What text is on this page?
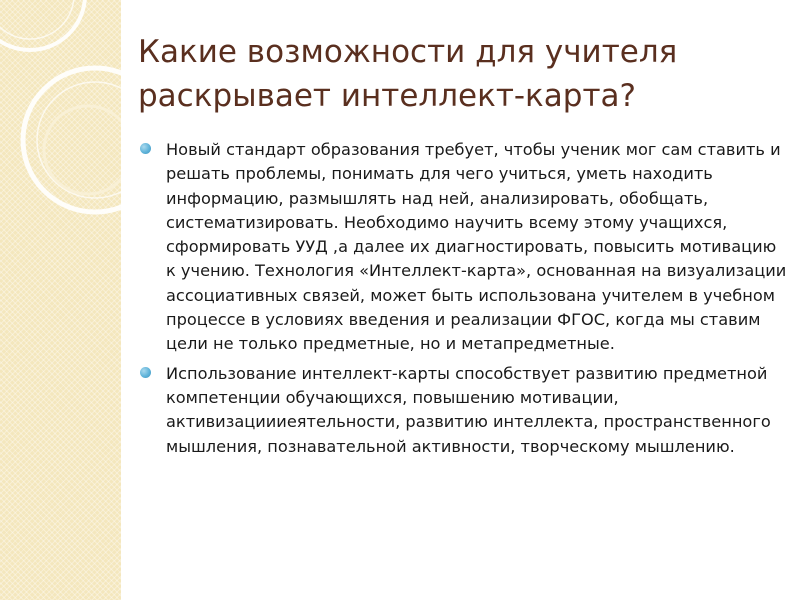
Какие возможности для учителя раскрывает интеллект-карта?
Новый стандарт образования требует, чтобы ученик мог сам ставить и решать проблемы, понимать для чего учиться, уметь находить информацию, размышлять над ней, анализировать, обобщать, систематизировать. Необходимо научить всему этому учащихся, сформировать УУД ,а далее их диагностировать, повысить мотивацию к учению. Технология «Интеллект-карта», основанная на визуализации ассоциативных связей, может быть использована учителем в учебном процессе в условиях введения и реализации ФГОС, когда мы ставим цели не только предметные, но и метапредметные.
Использование интеллект-карты способствует развитию предметной компетенции обучающихся, повышению мотивации, активизациииеятельности, развитию интеллекта, пространственного мышления, познавательной активности, творческому мышлению.
